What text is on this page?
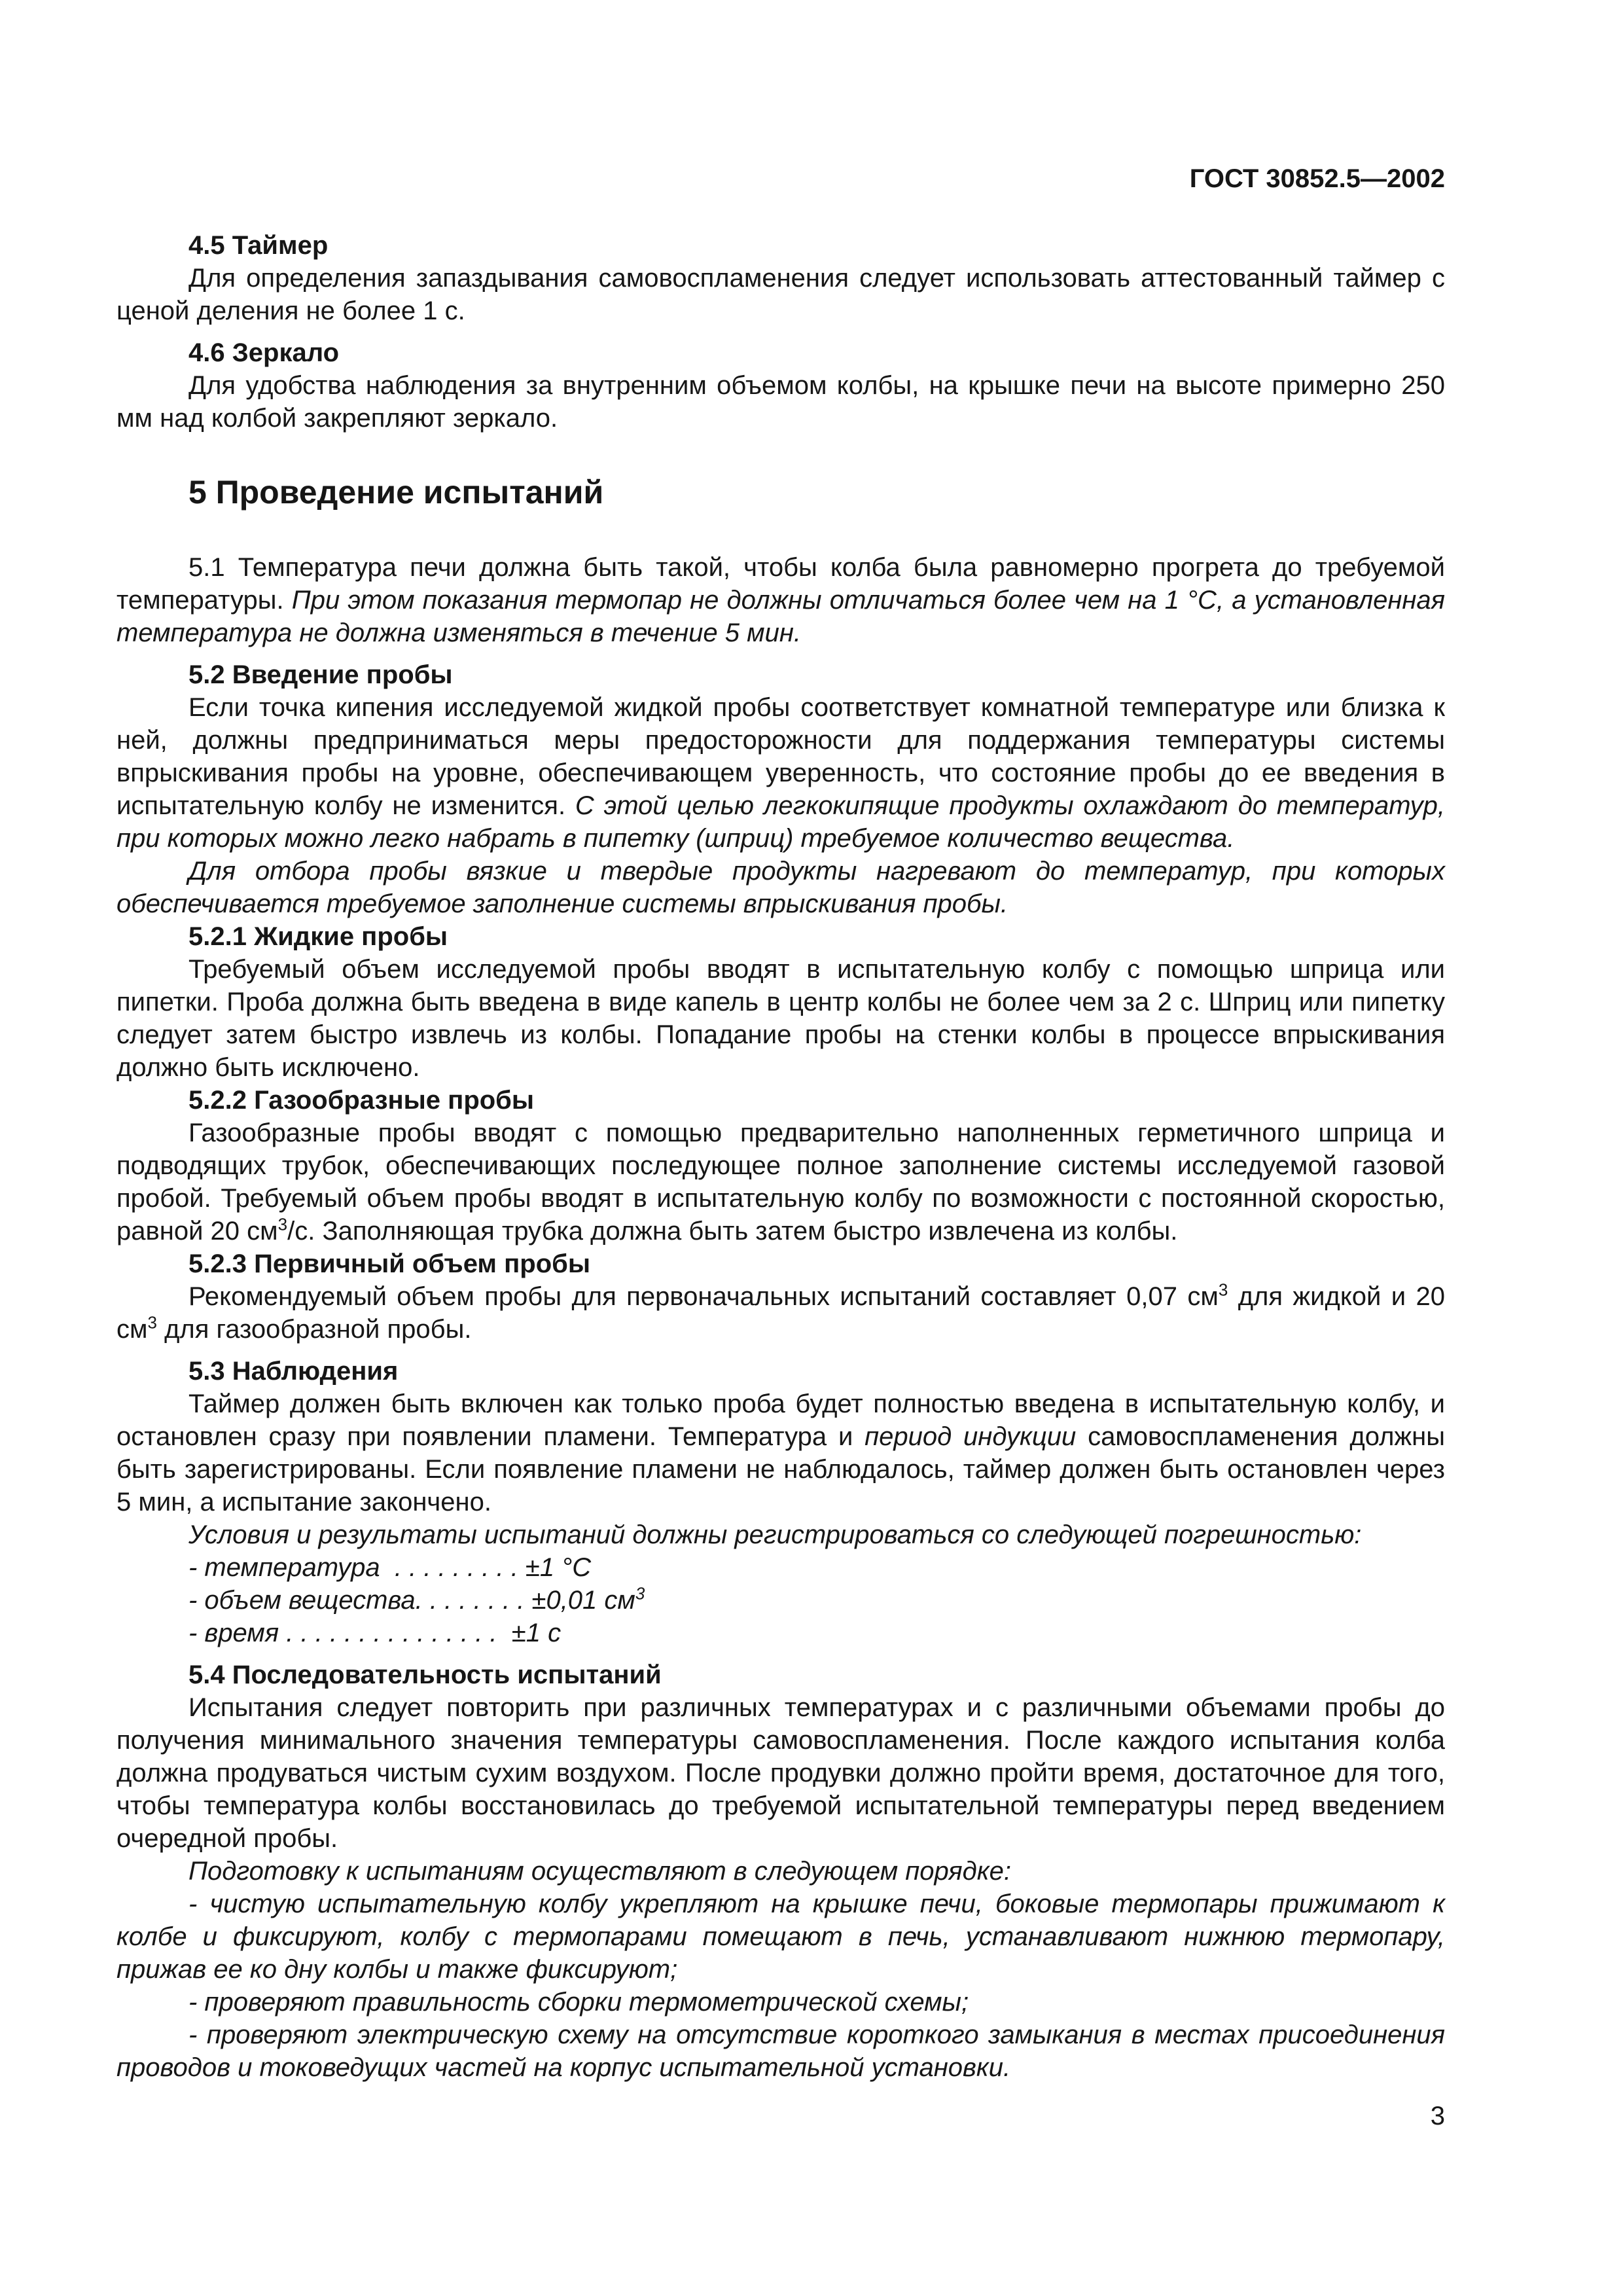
ГОСТ 30852.5—2002
4.5 Таймер

Для определения запаздывания самовоспламенения следует использовать аттестованный таймер с ценой деления не более 1 с.

4.6 Зеркало

Для удобства наблюдения за внутренним объемом колбы, на крышке печи на высоте примерно 250 мм над колбой закрепляют зеркало.

5 Проведение испытаний

5.1 Температура печи должна быть такой, чтобы колба была равномерно прогрета до требуемой температуры. При этом показания термопар не должны отличаться более чем на 1 °С, а установленная температура не должна изменяться в течение 5 мин.

5.2 Введение пробы

Если точка кипения исследуемой жидкой пробы соответствует комнатной температуре или близка к ней, должны предприниматься меры предосторожности для поддержания температуры системы впрыскивания пробы на уровне, обеспечивающем уверенность, что состояние пробы до ее введения в испытательную колбу не изменится. С этой целью легкокипящие продукты охлаждают до температур, при которых можно легко набрать в пипетку (шприц) требуемое количество вещества.

Для отбора пробы вязкие и твердые продукты нагревают до температур, при которых обеспечивается требуемое заполнение системы впрыскивания пробы.

5.2.1 Жидкие пробы

Требуемый объем исследуемой пробы вводят в испытательную колбу с помощью шприца или пипетки. Проба должна быть введена в виде капель в центр колбы не более чем за 2 с. Шприц или пипетку следует затем быстро извлечь из колбы. Попадание пробы на стенки колбы в процессе впрыскивания должно быть исключено.

5.2.2 Газообразные пробы

Газообразные пробы вводят с помощью предварительно наполненных герметичного шприца и подводящих трубок, обеспечивающих последующее полное заполнение системы исследуемой газовой пробой. Требуемый объем пробы вводят в испытательную колбу по возможности с постоянной скоростью, равной 20 $см^3/с$. Заполняющая трубка должна быть затем быстро извлечена из колбы.

5.2.3 Первичный объем пробы

Рекомендуемый объем пробы для первоначальных испытаний составляет 0,07 $см^3$ для жидкой и 20 $см^3$ для газообразной пробы.

5.3 Наблюдения

Таймер должен быть включен как только проба будет полностью введена в испытательную колбу, и остановлен сразу при появлении пламени. Температура и период индукции самовоспламенения должны быть зарегистрированы. Если появление пламени не наблюдалось, таймер должен быть остановлен через 5 мин, а испытание закончено.

Условия и результаты испытаний должны регистрироваться со следующей погрешностью:

- температура  . . . . . . . . . ±1 °С
- объем вещества. . . . . . . . ±0,01 $см^3$
- время . . . . . . . . . . . . . . .  ±1 с
5.4 Последовательность испытаний

Испытания следует повторить при различных температурах и с различными объемами пробы до получения минимального значения температуры самовоспламенения. После каждого испытания колба должна продуваться чистым сухим воздухом. После продувки должно пройти время, достаточное для того, чтобы температура колбы восстановилась до требуемой испытательной температуры перед введением очередной пробы.

Подготовку к испытаниям осуществляют в следующем порядке:

- чистую испытательную колбу укрепляют на крышке печи, боковые термопары прижимают к колбе и фиксируют, колбу с термопарами помещают в печь, устанавливают нижнюю термопару, прижав ее ко дну колбы и также фиксируют;

- проверяют правильность сборки термометрической схемы;

- проверяют электрическую схему на отсутствие короткого замыкания в местах присоединения проводов и токоведущих частей на корпус испытательной установки.

3
